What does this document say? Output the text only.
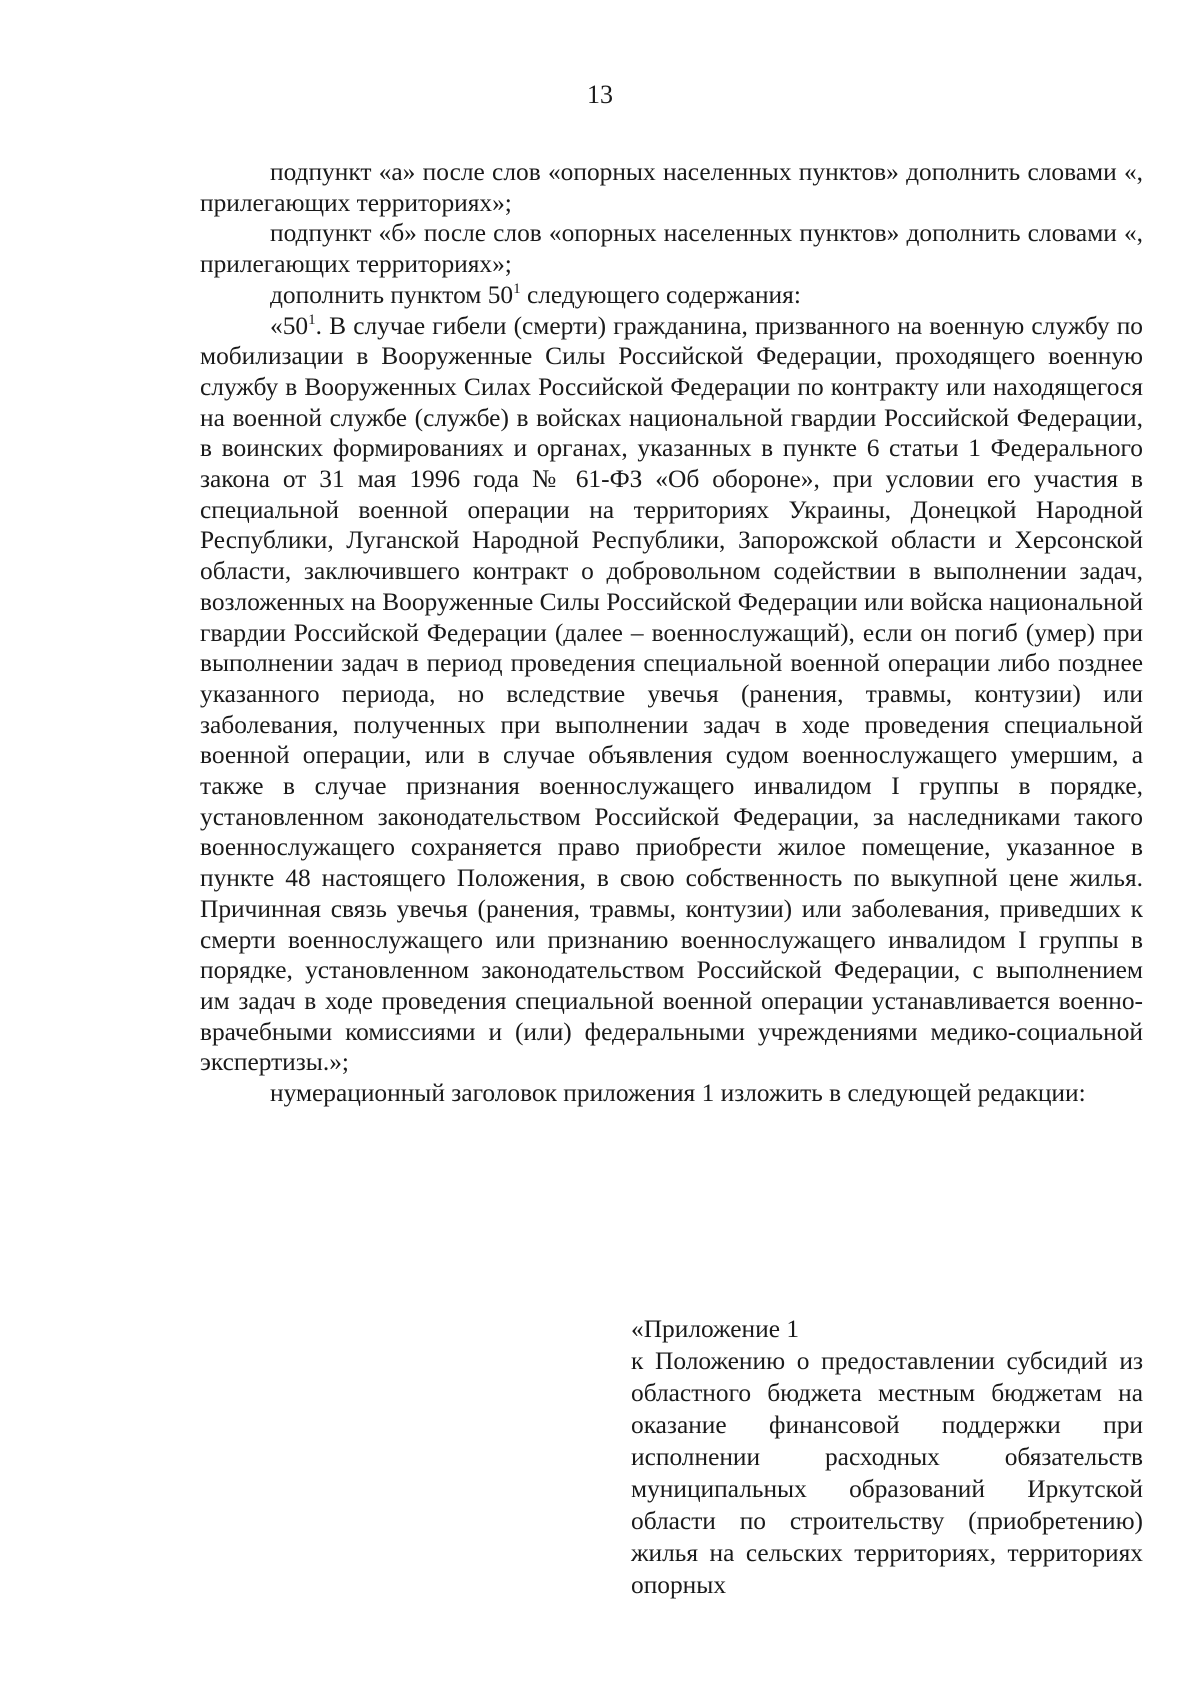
13

подпункт «а» после слов «опорных населенных пунктов» дополнить словами «, прилегающих территориях»;

подпункт «б» после слов «опорных населенных пунктов» дополнить словами «, прилегающих территориях»;

дополнить пунктом $50^1$ следующего содержания:

«$50^1$. В случае гибели (смерти) гражданина, призванного на военную службу по мобилизации в Вооруженные Силы Российской Федерации, проходящего военную службу в Вооруженных Силах Российской Федерации по контракту или находящегося на военной службе (службе) в войсках национальной гвардии Российской Федерации, в воинских формированиях и органах, указанных в пункте 6 статьи 1 Федерального закона от 31 мая 1996 года № 61-ФЗ «Об обороне», при условии его участия в специальной военной операции на территориях Украины, Донецкой Народной Республики, Луганской Народной Республики, Запорожской области и Херсонской области, заключившего контракт о добровольном содействии в выполнении задач, возложенных на Вооруженные Силы Российской Федерации или войска национальной гвардии Российской Федерации (далее – военнослужащий), если он погиб (умер) при выполнении задач в период проведения специальной военной операции либо позднее указанного периода, но вследствие увечья (ранения, травмы, контузии) или заболевания, полученных при выполнении задач в ходе проведения специальной военной операции, или в случае объявления судом военнослужащего умершим, а также в случае признания военнослужащего инвалидом I группы в порядке, установленном законодательством Российской Федерации, за наследниками такого военнослужащего сохраняется право приобрести жилое помещение, указанное в пункте 48 настоящего Положения, в свою собственность по выкупной цене жилья. Причинная связь увечья (ранения, травмы, контузии) или заболевания, приведших к смерти военнослужащего или признанию военнослужащего инвалидом I группы в порядке, установленном законодательством Российской Федерации, с выполнением им задач в ходе проведения специальной военной операции устанавливается военно-врачебными комиссиями и (или) федеральными учреждениями медико-социальной экспертизы.»;

нумерационный заголовок приложения 1 изложить в следующей редакции:

«Приложение 1

к Положению о предоставлении субсидий из областного бюджета местным бюджетам на оказание финансовой поддержки при исполнении расходных обязательств муниципальных образований Иркутской области по строительству (приобретению) жилья на сельских территориях, территориях опорных
